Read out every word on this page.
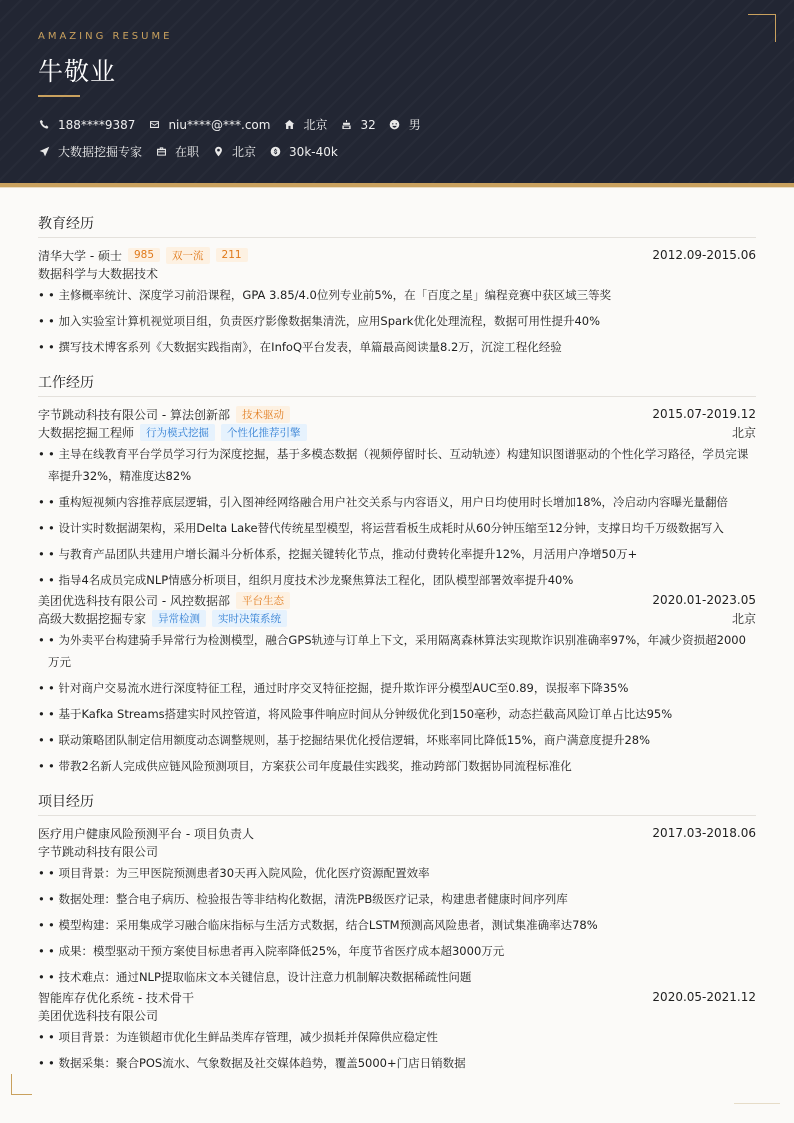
AMAZING RESUME
牛敬业
188****9387	niu****@***.com	北京	32	男
大数据挖掘专家	在职	北京	30k-40k
教育经历
清华大学 - 硕士	985	双一流	211	2012.09-2015.06
数据科学与大数据技术
• • 主修概率统计、深度学习前沿课程，GPA 3.85/4.0位列专业前5%，在「百度之星」编程竞赛中获区域三等奖
• • 加入实验室计算机视觉项目组，负责医疗影像数据集清洗，应用Spark优化处理流程，数据可用性提升40%
• • 撰写技术博客系列《大数据实践指南》，在InfoQ平台发表，单篇最高阅读量8.2万，沉淀工程化经验
工作经历
字节跳动科技有限公司 - 算法创新部	技术驱动	2015.07-2019.12
大数据挖掘工程师	行为模式挖掘	个性化推荐引擎	北京
• • 主导在线教育平台学员学习行为深度挖掘，基于多模态数据（视频停留时长、互动轨迹）构建知识图谱驱动的个性化学习路径，学员完课率提升32%，精准度达82%
• • 重构短视频内容推荐底层逻辑，引入图神经网络融合用户社交关系与内容语义，用户日均使用时长增加18%，冷启动内容曝光量翻倍
• • 设计实时数据湖架构，采用Delta Lake替代传统星型模型，将运营看板生成耗时从60分钟压缩至12分钟，支撑日均千万级数据写入
• • 与教育产品团队共建用户增长漏斗分析体系，挖掘关键转化节点，推动付费转化率提升12%，月活用户净增50万+
• • 指导4名成员完成NLP情感分析项目，组织月度技术沙龙聚焦算法工程化，团队模型部署效率提升40%
美团优选科技有限公司 - 风控数据部	平台生态	2020.01-2023.05
高级大数据挖掘专家	异常检测	实时决策系统	北京
• • 为外卖平台构建骑手异常行为检测模型，融合GPS轨迹与订单上下文，采用隔离森林算法实现欺诈识别准确率97%，年减少资损超2000万元
• • 针对商户交易流水进行深度特征工程，通过时序交叉特征挖掘，提升欺诈评分模型AUC至0.89，误报率下降35%
• • 基于Kafka Streams搭建实时风控管道，将风险事件响应时间从分钟级优化到150毫秒，动态拦截高风险订单占比达95%
• • 联动策略团队制定信用额度动态调整规则，基于挖掘结果优化授信逻辑，坏账率同比降低15%，商户满意度提升28%
• • 带教2名新人完成供应链风险预测项目，方案获公司年度最佳实践奖，推动跨部门数据协同流程标准化
项目经历
医疗用户健康风险预测平台 - 项目负责人	2017.03-2018.06
字节跳动科技有限公司
• • 项目背景：为三甲医院预测患者30天再入院风险，优化医疗资源配置效率
• • 数据处理：整合电子病历、检验报告等非结构化数据，清洗PB级医疗记录，构建患者健康时间序列库
• • 模型构建：采用集成学习融合临床指标与生活方式数据，结合LSTM预测高风险患者，测试集准确率达78%
• • 成果：模型驱动干预方案使目标患者再入院率降低25%，年度节省医疗成本超3000万元
• • 技术难点：通过NLP提取临床文本关键信息，设计注意力机制解决数据稀疏性问题
智能库存优化系统 - 技术骨干	2020.05-2021.12
美团优选科技有限公司
• • 项目背景：为连锁超市优化生鲜品类库存管理，减少损耗并保障供应稳定性
• • 数据采集：聚合POS流水、气象数据及社交媒体趋势，覆盖5000+门店日销数据
